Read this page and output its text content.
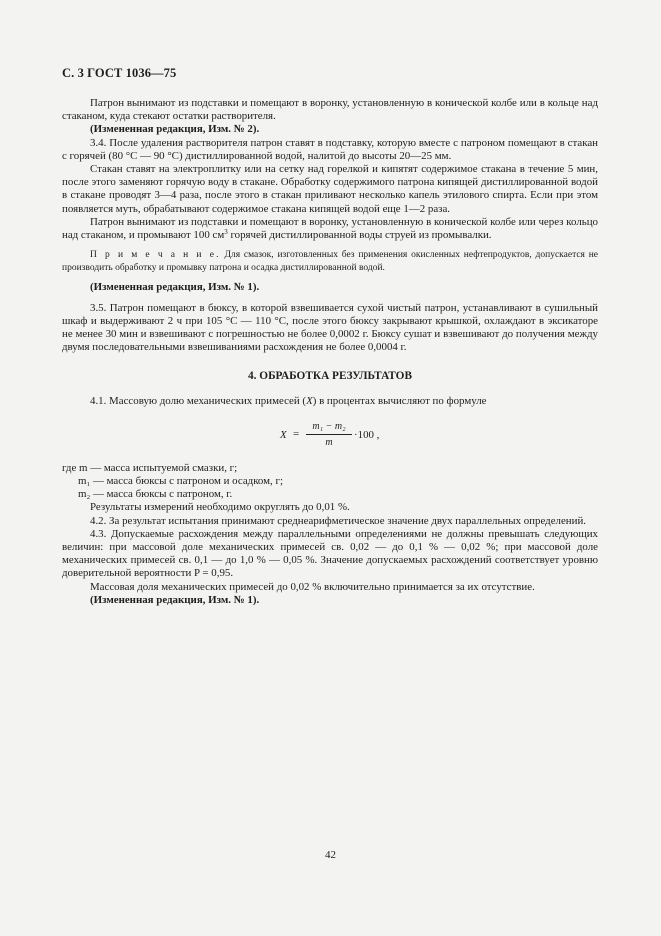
С. 3 ГОСТ 1036—75

Патрон вынимают из подставки и помещают в воронку, установленную в конической колбе или в кольце над стаканом, куда стекают остатки растворителя.

(Измененная редакция, Изм. № 2).

3.4. После удаления растворителя патрон ставят в подставку, которую вместе с патроном помещают в стакан с горячей (80 °С — 90 °С) дистиллированной водой, налитой до высоты 20—25 мм.

Стакан ставят на электроплитку или на сетку над горелкой и кипятят содержимое стакана в течение 5 мин, после этого заменяют горячую воду в стакане. Обработку содержимого патрона кипящей дистиллированной водой в стакане проводят 3—4 раза, после этого в стакан приливают несколько капель этилового спирта. Если при этом появляется муть, обрабатывают содержимое стакана кипящей водой еще 1—2 раза.

Патрон вынимают из подставки и помещают в воронку, установленную в конической колбе или через кольцо над стаканом, и промывают 100 $см^3$ горячей дистиллированной воды струей из промывалки.

П р и м е ч а н и е. Для смазок, изготовленных без применения окисленных нефтепродуктов, допускается не производить обработку и промывку патрона и осадка дистиллированной водой.

(Измененная редакция, Изм. № 1).

3.5. Патрон помещают в бюксу, в которой взвешивается сухой чистый патрон, устанавливают в сушильный шкаф и выдерживают 2 ч при 105 °С — 110 °С, после этого бюксу закрывают крышкой, охлаждают в эксикаторе не менее 30 мин и взвешивают с погрешностью не более 0,0002 г. Бюксу сушат и взвешивают до получения между двумя последовательными взвешиваниями расхождения не более 0,0004 г.

4. ОБРАБОТКА РЕЗУЛЬТАТОВ

4.1. Массовую долю механических примесей (X) в процентах вычисляют по формуле

$X = \frac{\text{m₁ − m₂}}{m} \cdot 100$ ,

где m — масса испытуемой смазки, г;

m₁ — масса бюксы с патроном и осадком, г;

m₂ — масса бюксы с патроном, г.

Результаты измерений необходимо округлять до 0,01 %.

4.2. За результат испытания принимают среднеарифметическое значение двух параллельных определений.

4.3. Допускаемые расхождения между параллельными определениями не должны превышать следующих величин: при массовой доле механических примесей св. 0,02 — до 0,1 % — 0,02 %; при массовой доле механических примесей св. 0,1 — до 1,0 % — 0,05 %. Значение допускаемых расхождений соответствует уровню доверительной вероятности P = 0,95.

Массовая доля механических примесей до 0,02 % включительно принимается за их отсутствие.

(Измененная редакция, Изм. № 1).

42
